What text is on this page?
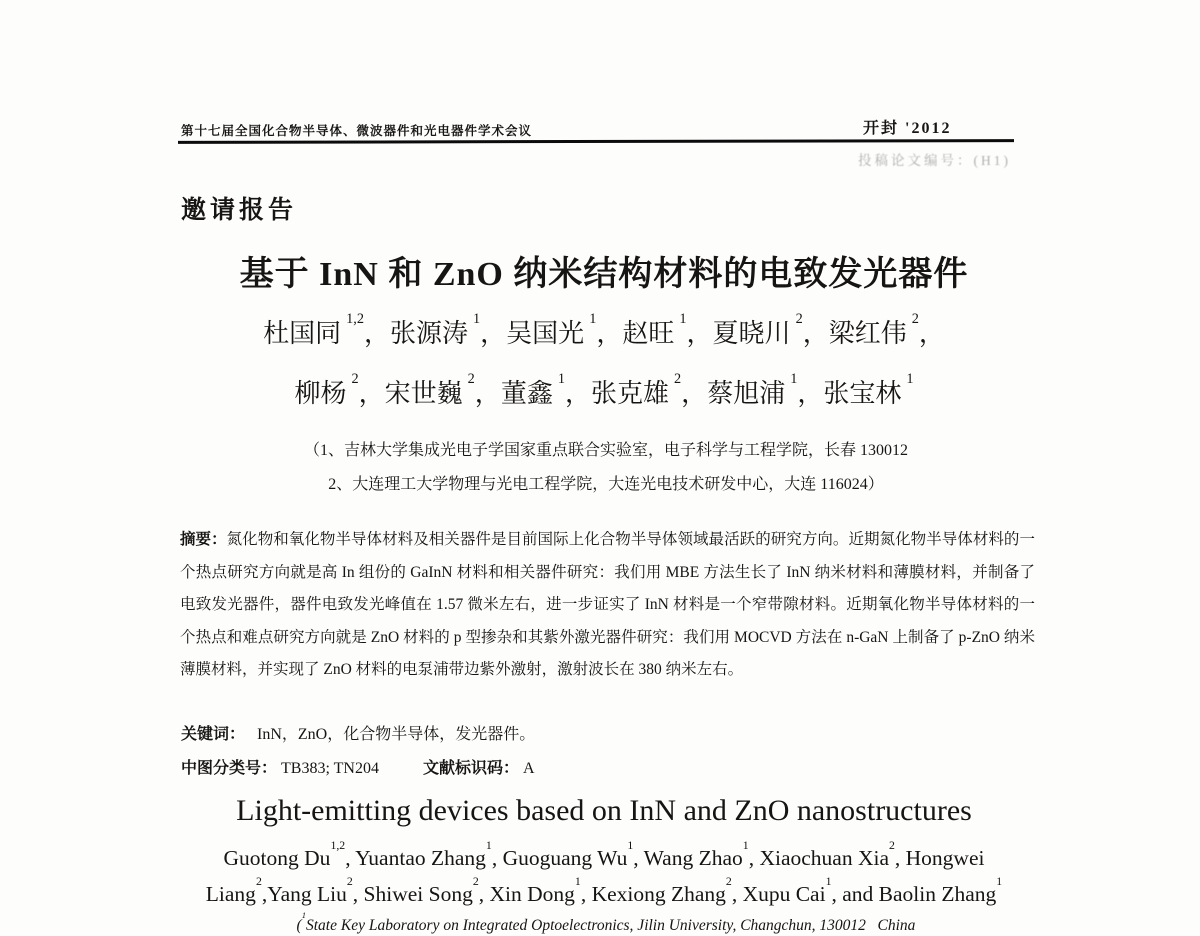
第十七届全国化合物半导体、微波器件和光电器件学术会议	开封 '2012
投稿论文编号：(H1)
邀请报告
基于 InN 和 ZnO 纳米结构材料的电致发光器件
杜国同 $^{1,2}$，张源涛 $^1$，吴国光 $^1$，赵旺 $^1$，夏晓川 $^2$，梁红伟 $^2$，
柳杨 $^2$，宋世巍 $^2$，董鑫 $^1$，张克雄 $^2$，蔡旭浦 $^1$，张宝林 $^1$
（1、吉林大学集成光电子学国家重点联合实验室，电子科学与工程学院，长春 130012
2、大连理工大学物理与光电工程学院，大连光电技术研发中心，大连 116024）

摘要：氮化物和氧化物半导体材料及相关器件是目前国际上化合物半导体领域最活跃的研究方向。近期氮化物半导体材料的一个热点研究方向就是高 In 组份的 GaInN 材料和相关器件研究：我们用 MBE 方法生长了 InN 纳米材料和薄膜材料，并制备了电致发光器件，器件电致发光峰值在 1.57 微米左右，进一步证实了 InN 材料是一个窄带隙材料。近期氧化物半导体材料的一个热点和难点研究方向就是 ZnO 材料的 p 型掺杂和其紫外激光器件研究：我们用 MOCVD 方法在 n-GaN 上制备了 p-ZnO 纳米薄膜材料，并实现了 ZnO 材料的电泵浦带边紫外激射，激射波长在 380 纳米左右。

关键词： InN，ZnO，化合物半导体，发光器件。

中图分类号： TB383; TN204	文献标识码： A

Light-emitting devices based on InN and ZnO nanostructures
Guotong Du$^{1,2}$, Yuantao Zhang$^1$, Guoguang Wu$^1$, Wang Zhao$^1$, Xiaochuan Xia$^2$, Hongwei
Liang$^2$,Yang Liu$^2$, Shiwei Song$^2$, Xin Dong$^1$, Kexiong Zhang$^2$, Xupu Cai$^1$, and Baolin Zhang$^1$
($^1$State Key Laboratory on Integrated Optoelectronics, Jilin University, Changchun, 130012   China
